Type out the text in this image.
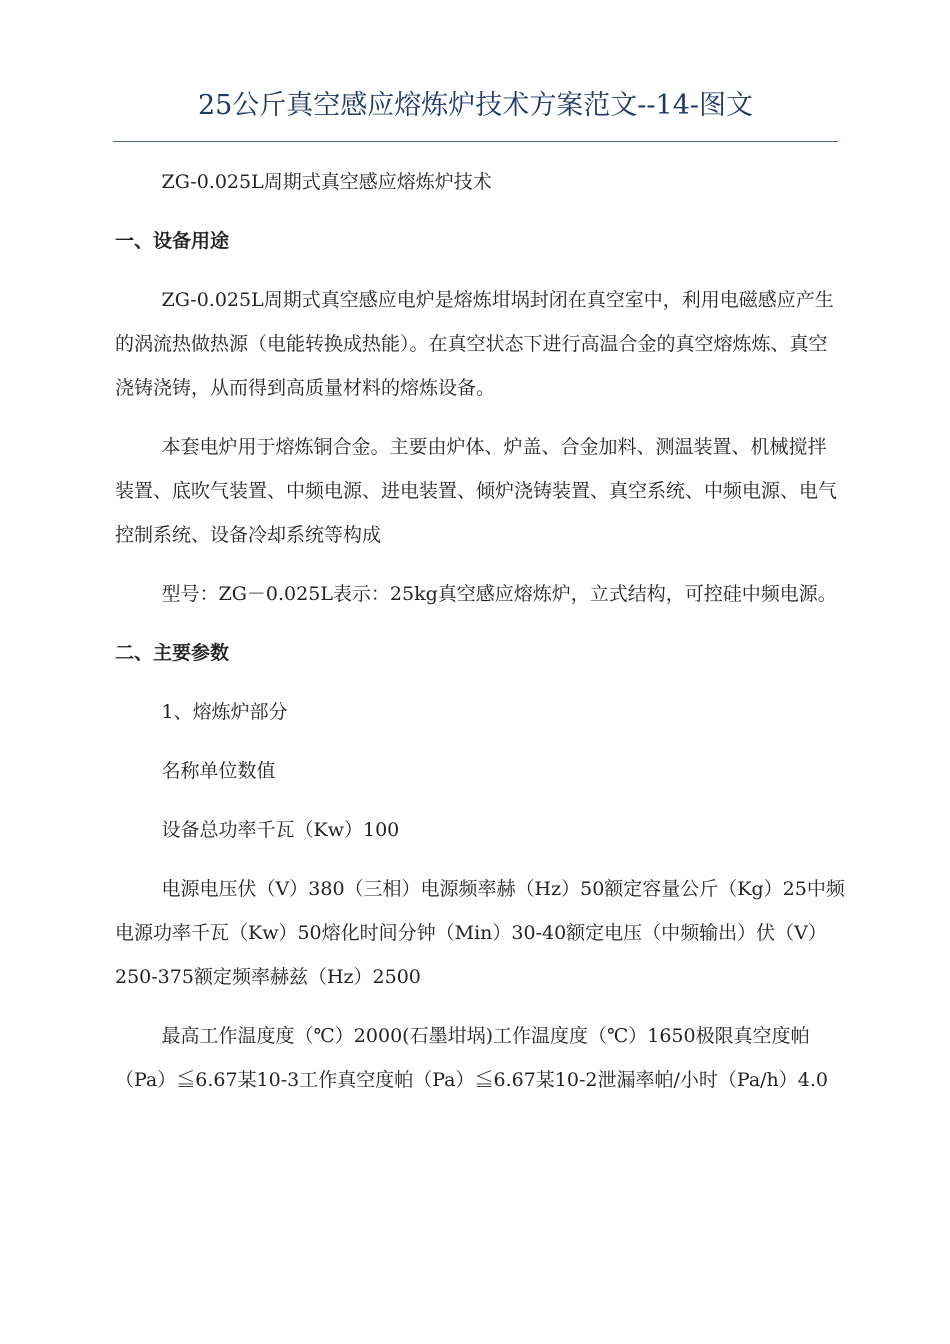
25公斤真空感应熔炼炉技术方案范文--14-图文

ZG-0.025L周期式真空感应熔炼炉技术

一、设备用途

ZG-0.025L周期式真空感应电炉是熔炼坩埚封闭在真空室中，利用电磁感应产生的涡流热做热源（电能转换成热能）。在真空状态下进行高温合金的真空熔炼炼、真空浇铸浇铸，从而得到高质量材料的熔炼设备。

本套电炉用于熔炼铜合金。主要由炉体、炉盖、合金加料、测温装置、机械搅拌装置、底吹气装置、中频电源、进电装置、倾炉浇铸装置、真空系统、中频电源、电气控制系统、设备冷却系统等构成

型号：ZG－0.025L表示：25kg真空感应熔炼炉，立式结构，可控硅中频电源。

二、主要参数

1、熔炼炉部分

名称单位数值

设备总功率千瓦（Kw）100

电源电压伏（V）380（三相）电源频率赫（Hz）50额定容量公斤（Kg）25中频电源功率千瓦（Kw）50熔化时间分钟（Min）30-40额定电压（中频输出）伏（V）250-375额定频率赫兹（Hz）2500

最高工作温度度（℃）2000(石墨坩埚)工作温度度（℃）1650极限真空度帕（Pa）≦6.67某10-3工作真空度帕（Pa）≦6.67某10-2泄漏率帕/小时（Pa/h）4.0
